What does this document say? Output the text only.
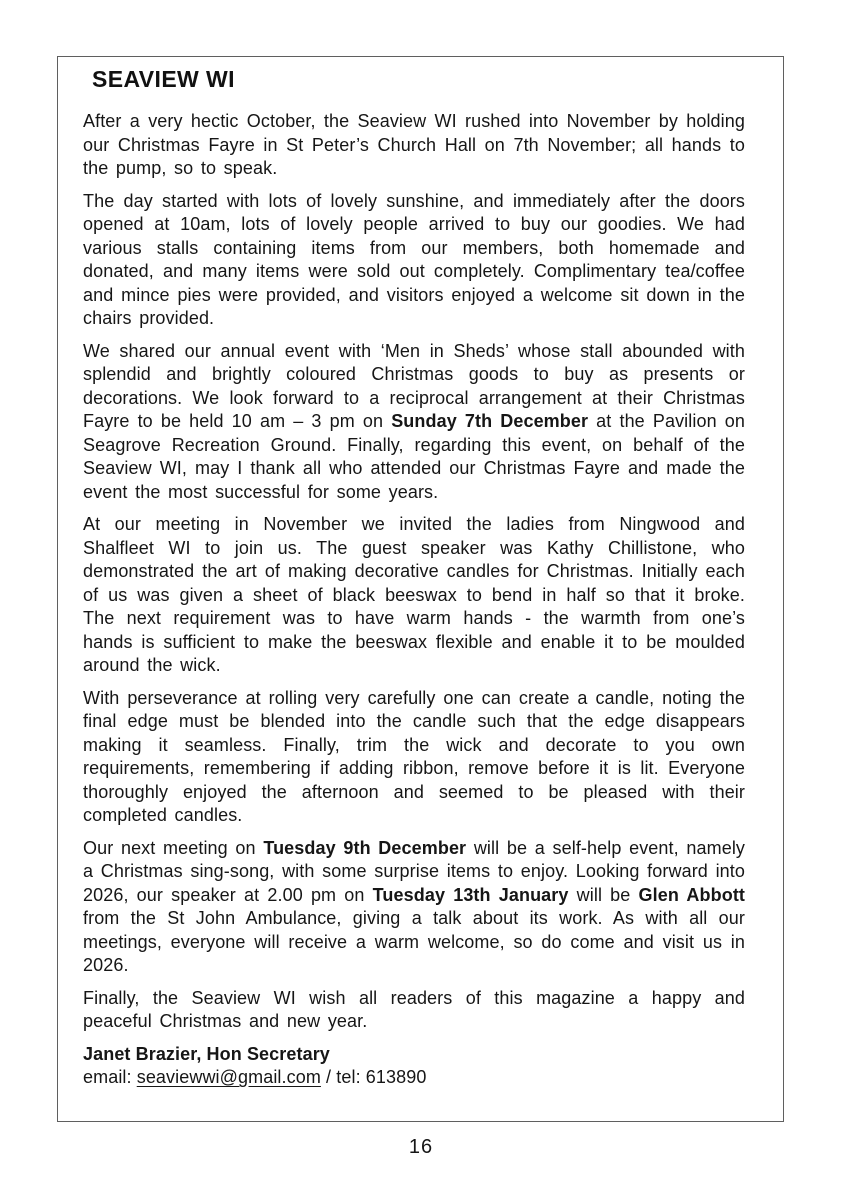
SEAVIEW WI

After a very hectic October, the Seaview WI rushed into November by holding our Christmas Fayre in St Peter’s Church Hall on 7th November; all hands to the pump, so to speak.

The day started with lots of lovely sunshine, and immediately after the doors opened at 10am, lots of lovely people arrived to buy our goodies. We had various stalls containing items from our members, both homemade and donated, and many items were sold out completely. Complimentary tea/coffee and mince pies were provided, and visitors enjoyed a welcome sit down in the chairs provided.

We shared our annual event with ‘Men in Sheds’ whose stall abounded with splendid and brightly coloured Christmas goods to buy as presents or decorations. We look forward to a reciprocal arrangement at their Christmas Fayre to be held 10 am – 3 pm on Sunday 7th December at the Pavilion on Seagrove Recreation Ground. Finally, regarding this event, on behalf of the Seaview WI, may I thank all who attended our Christmas Fayre and made the event the most successful for some years.

At our meeting in November we invited the ladies from Ningwood and Shalfleet WI to join us. The guest speaker was Kathy Chillistone, who demonstrated the art of making decorative candles for Christmas. Initially each of us was given a sheet of black beeswax to bend in half so that it broke. The next requirement was to have warm hands - the warmth from one’s hands is sufficient to make the beeswax flexible and enable it to be moulded around the wick.

With perseverance at rolling very carefully one can create a candle, noting the final edge must be blended into the candle such that the edge disappears making it seamless. Finally, trim the wick and decorate to you own requirements, remembering if adding ribbon, remove before it is lit. Everyone thoroughly enjoyed the afternoon and seemed to be pleased with their completed candles.

Our next meeting on Tuesday 9th December will be a self-help event, namely a Christmas sing-song, with some surprise items to enjoy. Looking forward into 2026, our speaker at 2.00 pm on Tuesday 13th January will be Glen Abbott from the St John Ambulance, giving a talk about its work. As with all our meetings, everyone will receive a warm welcome, so do come and visit us in 2026.

Finally, the Seaview WI wish all readers of this magazine a happy and peaceful Christmas and new year.

Janet Brazier, Hon Secretary
email: seaviewwi@gmail.com / tel: 613890

16
